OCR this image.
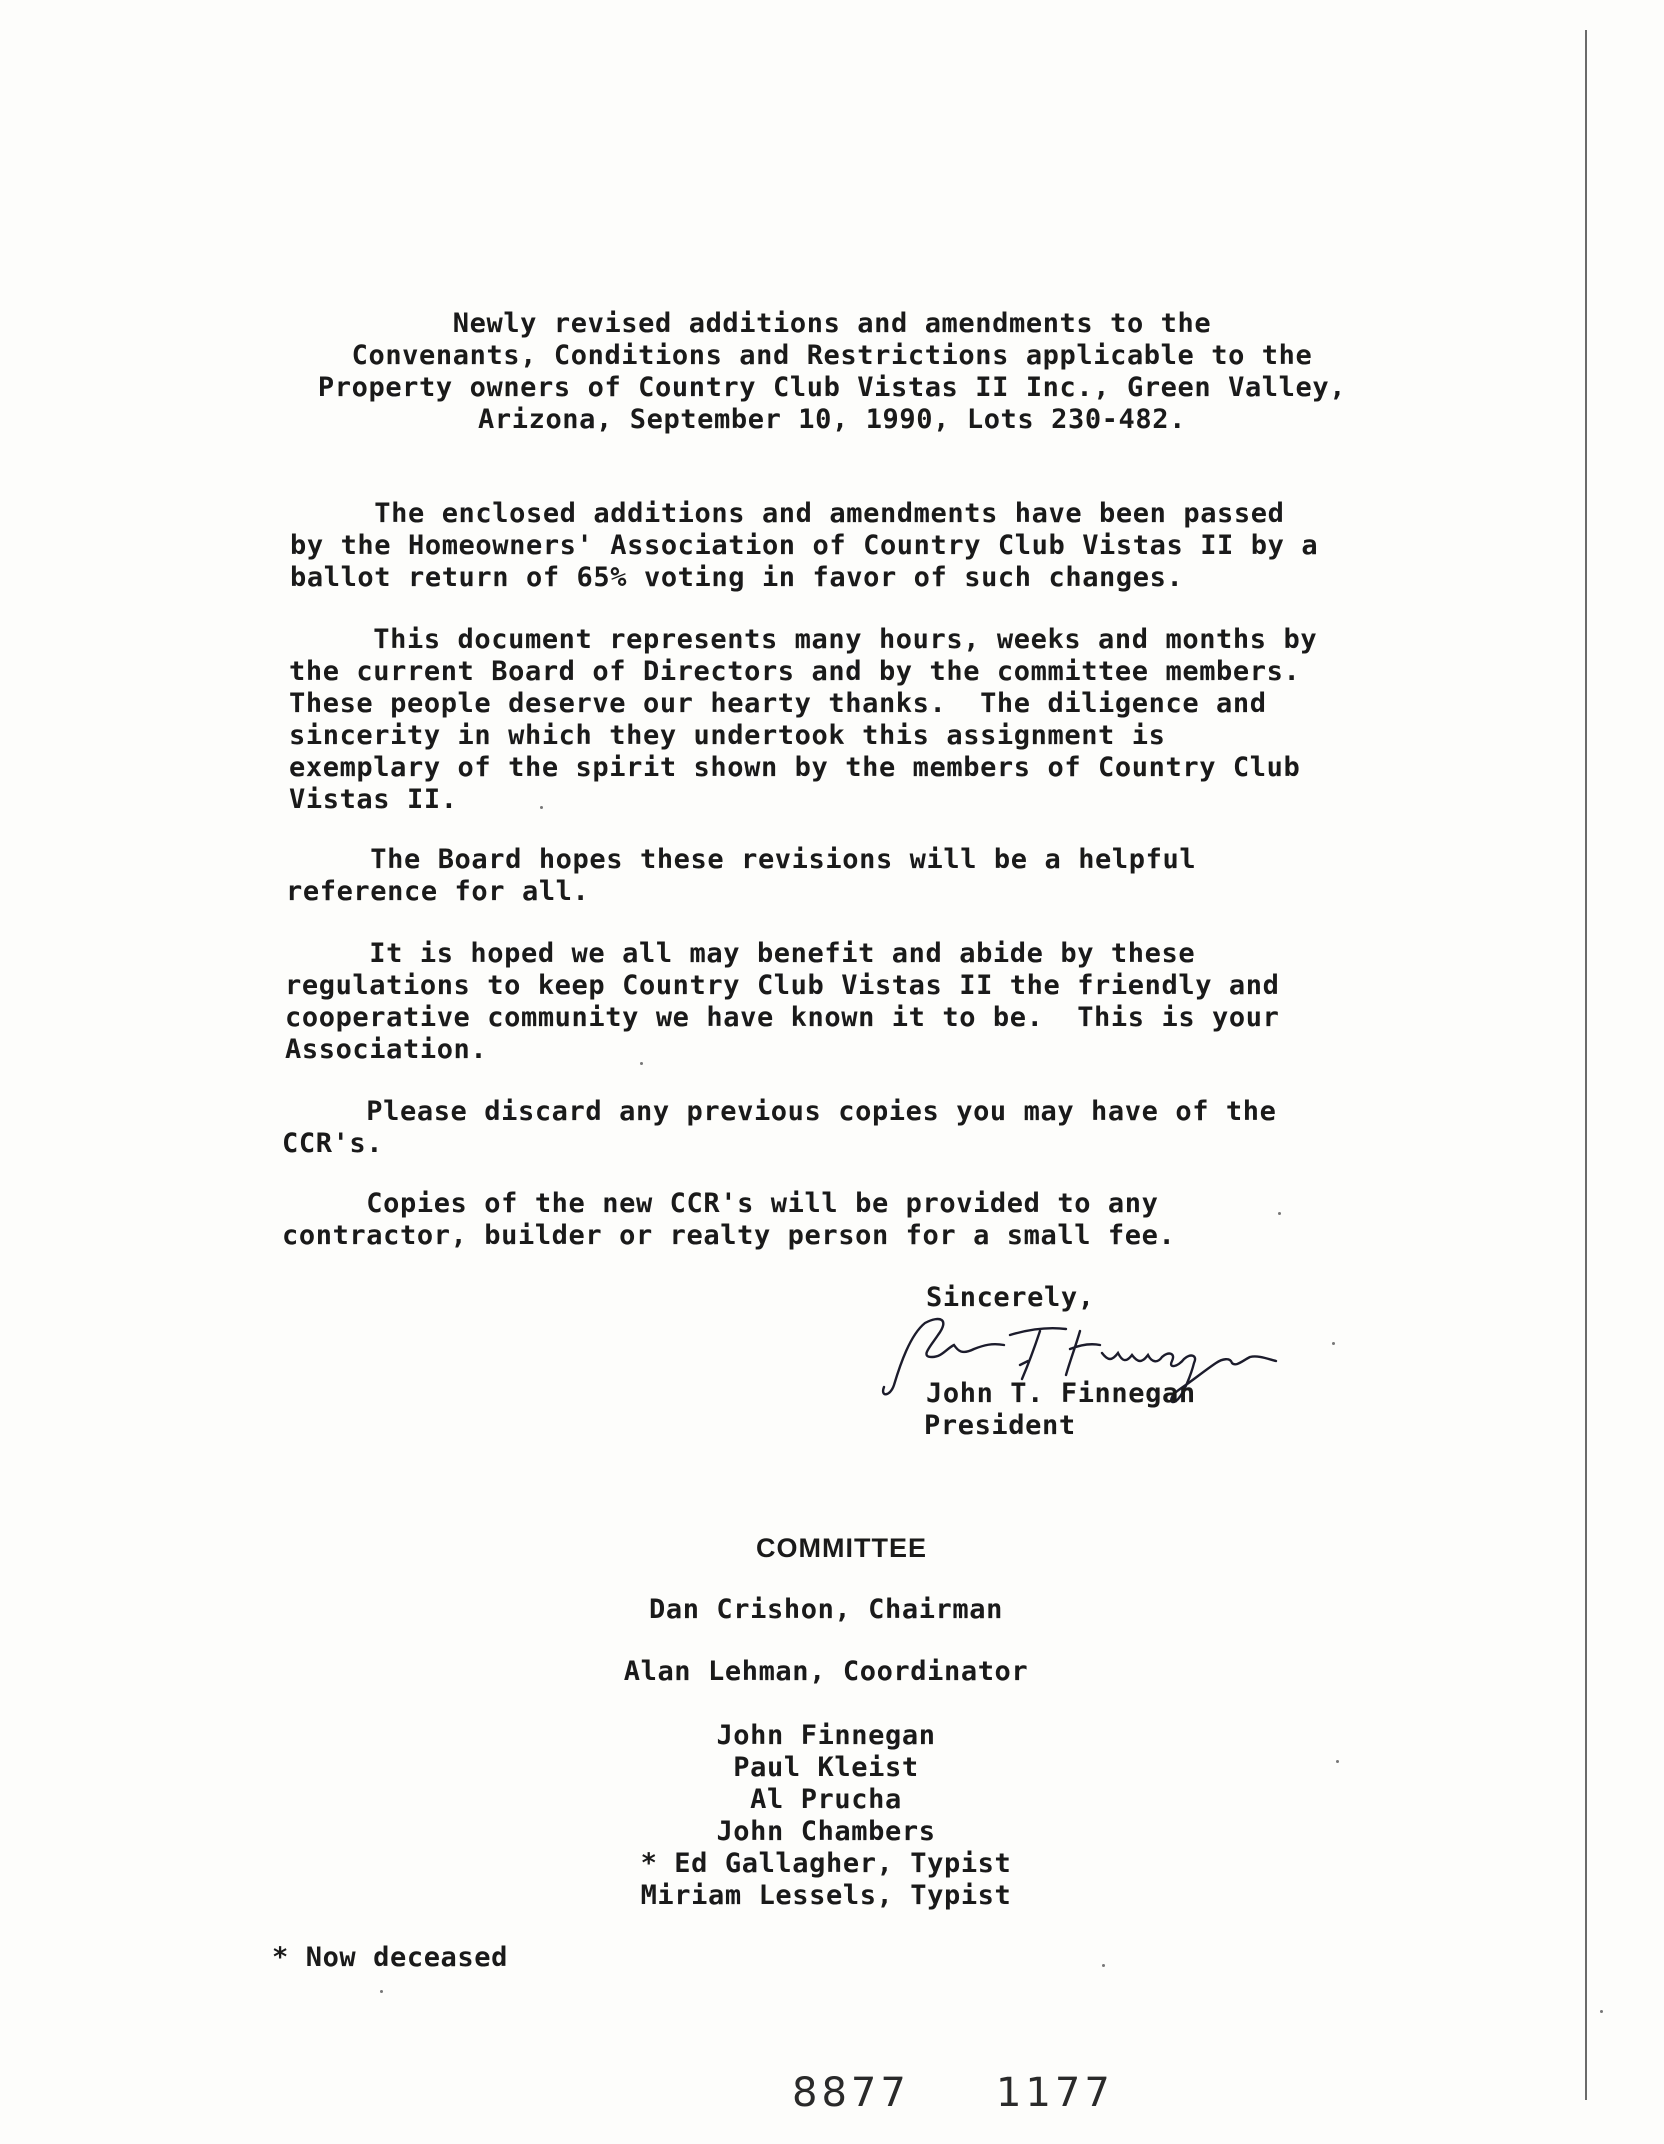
Newly revised additions and amendments to the
Convenants, Conditions and Restrictions applicable to the
Property owners of Country Club Vistas II Inc., Green Valley,
Arizona, September 10, 1990, Lots 230-482.
The enclosed additions and amendments have been passed
by the Homeowners' Association of Country Club Vistas II by a
ballot return of 65% voting in favor of such changes.
This document represents many hours, weeks and months by
the current Board of Directors and by the committee members.
These people deserve our hearty thanks.  The diligence and
sincerity in which they undertook this assignment is
exemplary of the spirit shown by the members of Country Club
Vistas II.
The Board hopes these revisions will be a helpful
reference for all.
It is hoped we all may benefit and abide by these
regulations to keep Country Club Vistas II the friendly and
cooperative community we have known it to be.  This is your
Association.
Please discard any previous copies you may have of the
CCR's.
Copies of the new CCR's will be provided to any
contractor, builder or realty person for a small fee.
Sincerely,
John T. Finnegan
President
COMMITTEE
Dan Crishon, Chairman
Alan Lehman, Coordinator
John Finnegan
Paul Kleist
Al Prucha
John Chambers
* Ed Gallagher, Typist
Miriam Lessels, Typist
* Now deceased
8877 1177
